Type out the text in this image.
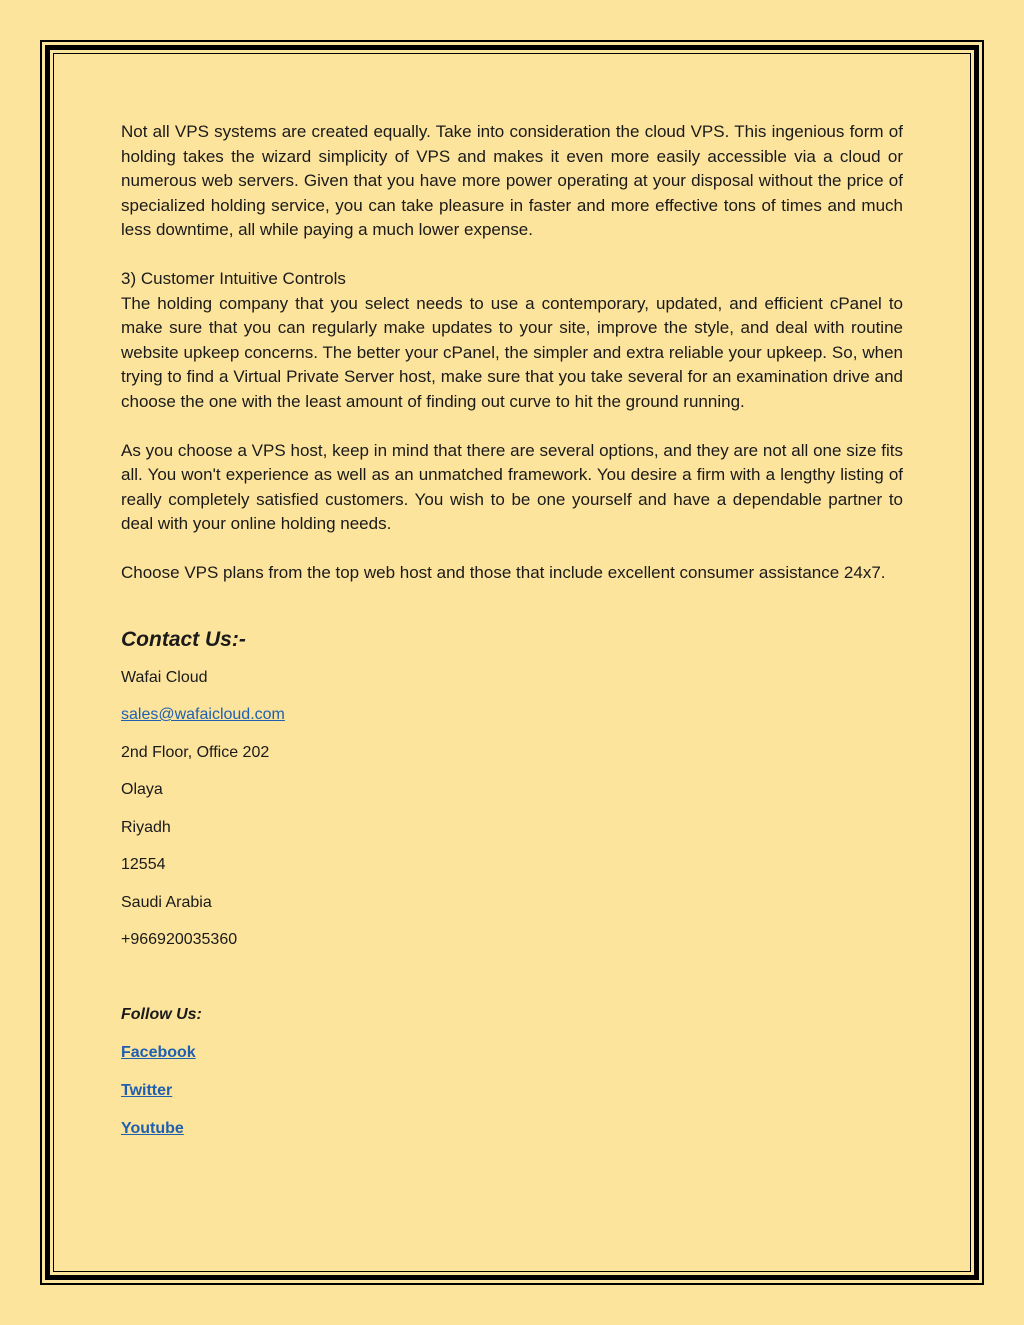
Not all VPS systems are created equally. Take into consideration the cloud VPS. This ingenious form of holding takes the wizard simplicity of VPS and makes it even more easily accessible via a cloud or numerous web servers. Given that you have more power operating at your disposal without the price of specialized holding service, you can take pleasure in faster and more effective tons of times and much less downtime, all while paying a much lower expense.

3) Customer Intuitive Controls

The holding company that you select needs to use a contemporary, updated, and efficient cPanel to make sure that you can regularly make updates to your site, improve the style, and deal with routine website upkeep concerns. The better your cPanel, the simpler and extra reliable your upkeep. So, when trying to find a Virtual Private Server host, make sure that you take several for an examination drive and choose the one with the least amount of finding out curve to hit the ground running.

As you choose a VPS host, keep in mind that there are several options, and they are not all one size fits all. You won't experience as well as an unmatched framework. You desire a firm with a lengthy listing of really completely satisfied customers. You wish to be one yourself and have a dependable partner to deal with your online holding needs.

Choose VPS plans from the top web host and those that include excellent consumer assistance 24x7.

Contact Us:-
Wafai Cloud
sales@wafaicloud.com
2nd Floor, Office 202
Olaya
Riyadh
12554
Saudi Arabia
+966920035360
Follow Us:
Facebook
Twitter
Youtube
